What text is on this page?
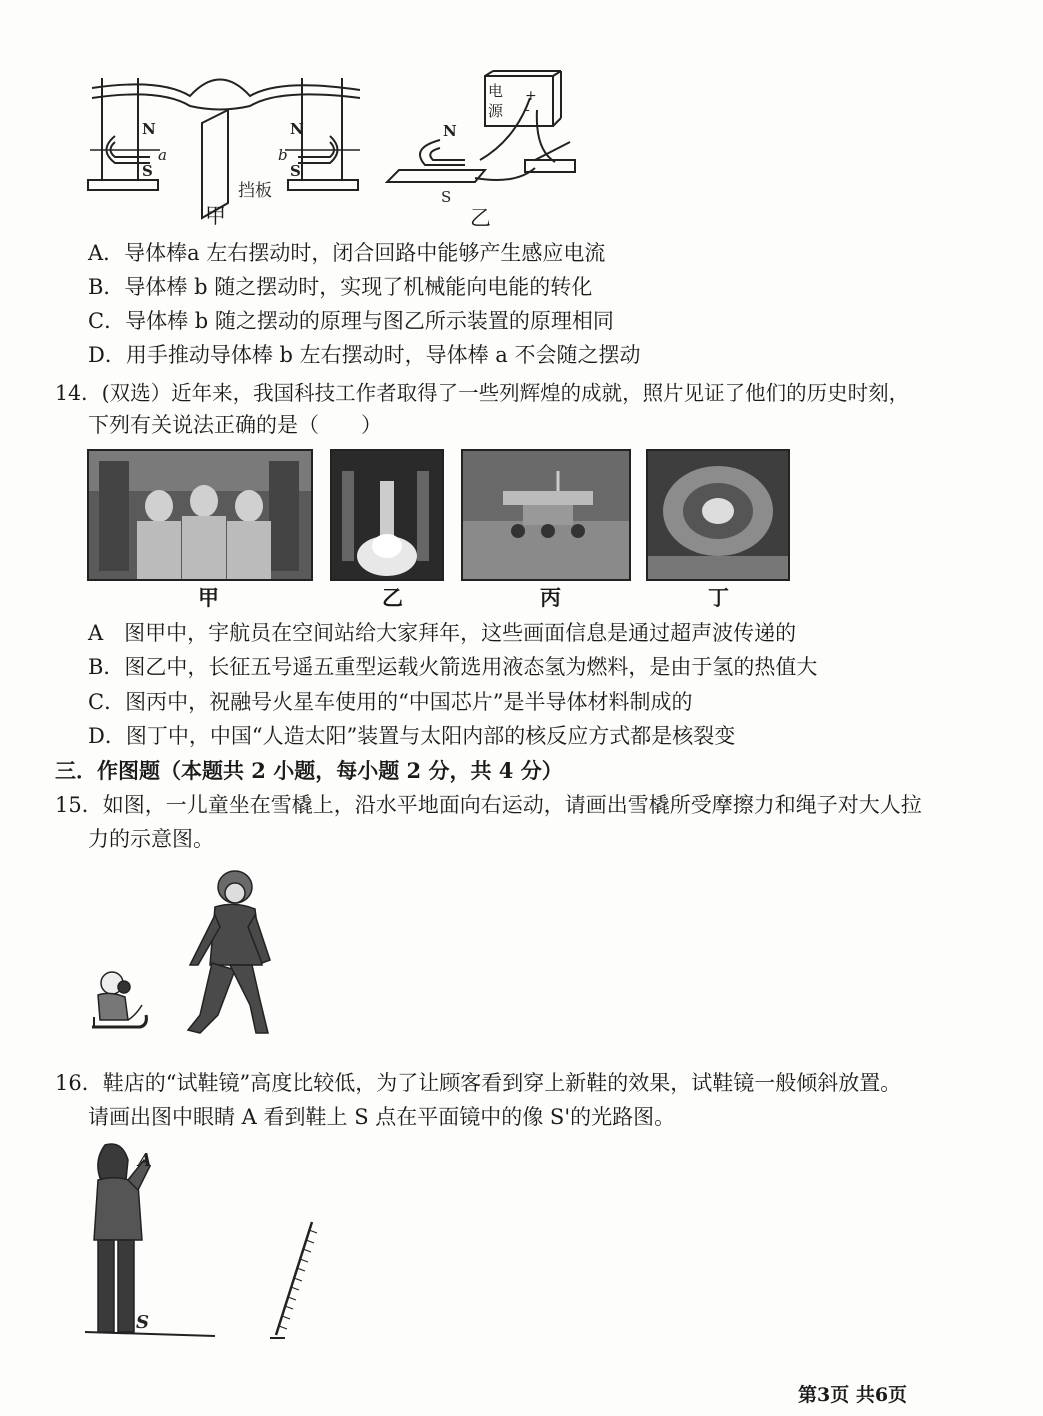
N
S
a	b
N
S
挡板
甲
电
源
+
-
N
S
乙
A．导体棒a 左右摆动时，闭合回路中能够产生感应电流
B．导体棒 b 随之摆动时，实现了机械能向电能的转化
C．导体棒 b 随之摆动的原理与图乙所示装置的原理相同
D．用手推动导体棒 b 左右摆动时，导体棒 a 不会随之摆动
14．(双选）近年来，我国科技工作者取得了一些列辉煌的成就，照片见证了他们的历史时刻，
下列有关说法正确的是（　　）
甲	乙	丙	丁
A　图甲中，宇航员在空间站给大家拜年，这些画面信息是通过超声波传递的
B．图乙中，长征五号遥五重型运载火箭选用液态氢为燃料，是由于氢的热值大
C．图丙中，祝融号火星车使用的“中国芯片”是半导体材料制成的
D．图丁中，中国“人造太阳”装置与太阳内部的核反应方式都是核裂变
三．作图题（本题共 2 小题，每小题 2 分，共 4 分）
15．如图，一儿童坐在雪橇上，沿水平地面向右运动，请画出雪橇所受摩擦力和绳子对大人拉
力的示意图。
16．鞋店的“试鞋镜”高度比较低，为了让顾客看到穿上新鞋的效果，试鞋镜一般倾斜放置。
请画出图中眼睛 A 看到鞋上 S 点在平面镜中的像 S'的光路图。
A
S
第3页 共6页
